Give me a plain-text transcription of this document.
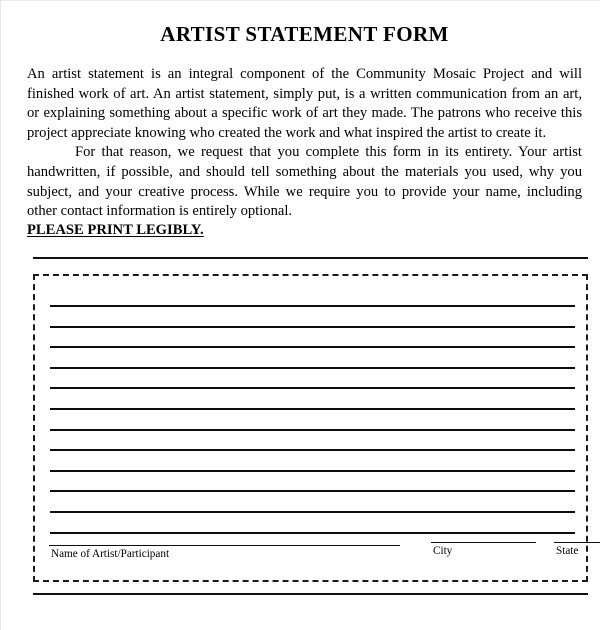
ARTIST STATEMENT FORM

An artist statement is an integral component of the Community Mosaic Project and will finished work of art. An artist statement, simply put, is a written communication from an art, or explaining something about a specific work of art they made. The patrons who receive this project appreciate knowing who created the work and what inspired the artist to create it.

For that reason, we request that you complete this form in its entirety. Your artist handwritten, if possible, and should tell something about the materials you used, why you subject, and your creative process. While we require you to provide your name, including other contact information is entirely optional.

PLEASE PRINT LEGIBLY.
Name of Artist/Participant	City	State
